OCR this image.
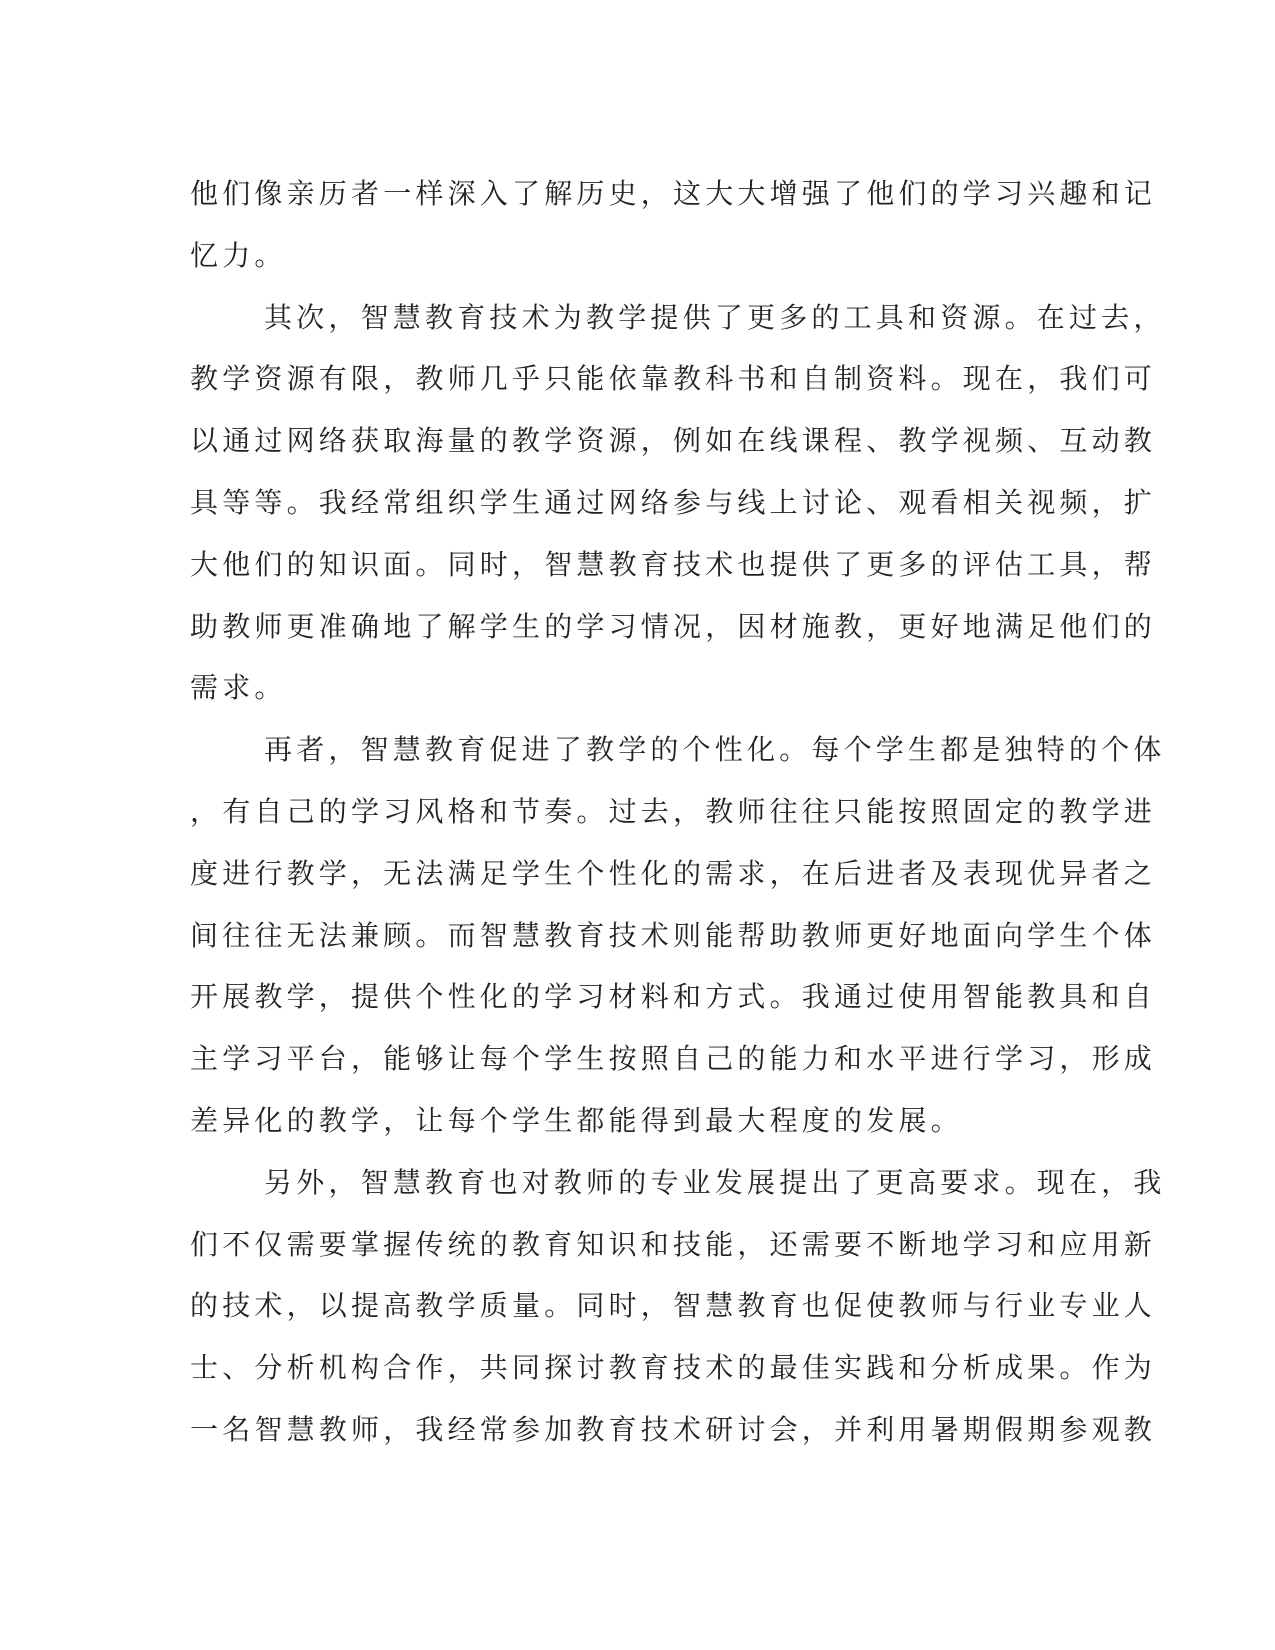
他们像亲历者一样深入了解历史，这大大增强了他们的学习兴趣和记
忆力。
其次，智慧教育技术为教学提供了更多的工具和资源。在过去，
教学资源有限，教师几乎只能依靠教科书和自制资料。现在，我们可
以通过网络获取海量的教学资源，例如在线课程、教学视频、互动教
具等等。我经常组织学生通过网络参与线上讨论、观看相关视频，扩
大他们的知识面。同时，智慧教育技术也提供了更多的评估工具，帮
助教师更准确地了解学生的学习情况，因材施教，更好地满足他们的
需求。
再者，智慧教育促进了教学的个性化。每个学生都是独特的个体
，有自己的学习风格和节奏。过去，教师往往只能按照固定的教学进
度进行教学，无法满足学生个性化的需求，在后进者及表现优异者之
间往往无法兼顾。而智慧教育技术则能帮助教师更好地面向学生个体
开展教学，提供个性化的学习材料和方式。我通过使用智能教具和自
主学习平台，能够让每个学生按照自己的能力和水平进行学习，形成
差异化的教学，让每个学生都能得到最大程度的发展。
另外，智慧教育也对教师的专业发展提出了更高要求。现在，我
们不仅需要掌握传统的教育知识和技能，还需要不断地学习和应用新
的技术，以提高教学质量。同时，智慧教育也促使教师与行业专业人
士、分析机构合作，共同探讨教育技术的最佳实践和分析成果。作为
一名智慧教师，我经常参加教育技术研讨会，并利用暑期假期参观教
